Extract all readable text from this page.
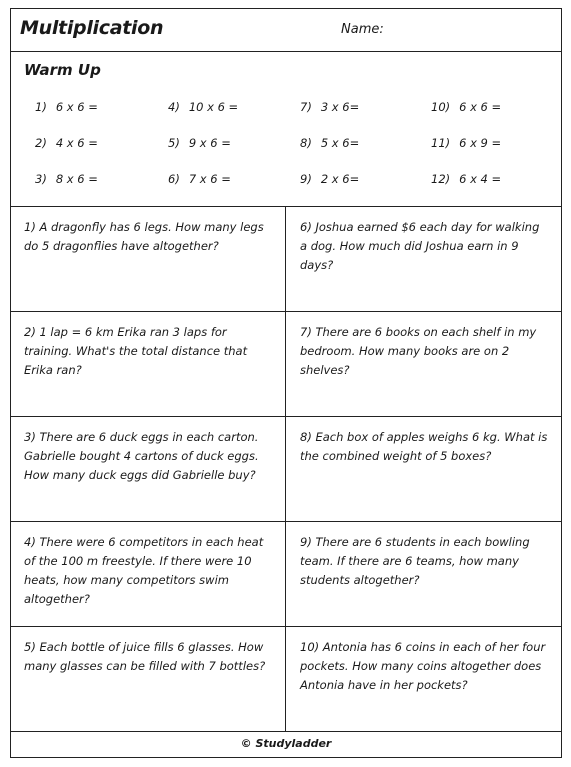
Multiplication	Name:
Warm Up
1) 6 x 6 =
2) 4 x 6 =
3) 8 x 6 =
4) 10 x 6 =
5) 9 x 6 =
6) 7 x 6 =
7) 3 x 6=
8) 5 x 6=
9) 2 x 6=
10) 6 x 6 =
11) 6 x 9 =
12) 6 x 4 =
1) A dragonfly has 6 legs. How many legs do 5 dragonflies have altogether?
6) Joshua earned $6 each day for walking a dog. How much did Joshua earn in 9 days?
2) 1 lap = 6 km Erika ran 3 laps for training. What's the total distance that Erika ran?
7) There are 6 books on each shelf in my bedroom. How many books are on 2 shelves?
3) There are 6 duck eggs in each carton. Gabrielle bought 4 cartons of duck eggs. How many duck eggs did Gabrielle buy?
8) Each box of apples weighs 6 kg. What is the combined weight of 5 boxes?
4) There were 6 competitors in each heat of the 100 m freestyle. If there were 10 heats, how many competitors swim altogether?
9) There are 6 students in each bowling team. If there are 6 teams, how many students altogether?
5) Each bottle of juice fills 6 glasses. How many glasses can be filled with 7 bottles?
10) Antonia has 6 coins in each of her four pockets. How many coins altogether does Antonia have in her pockets?
© Studyladder
